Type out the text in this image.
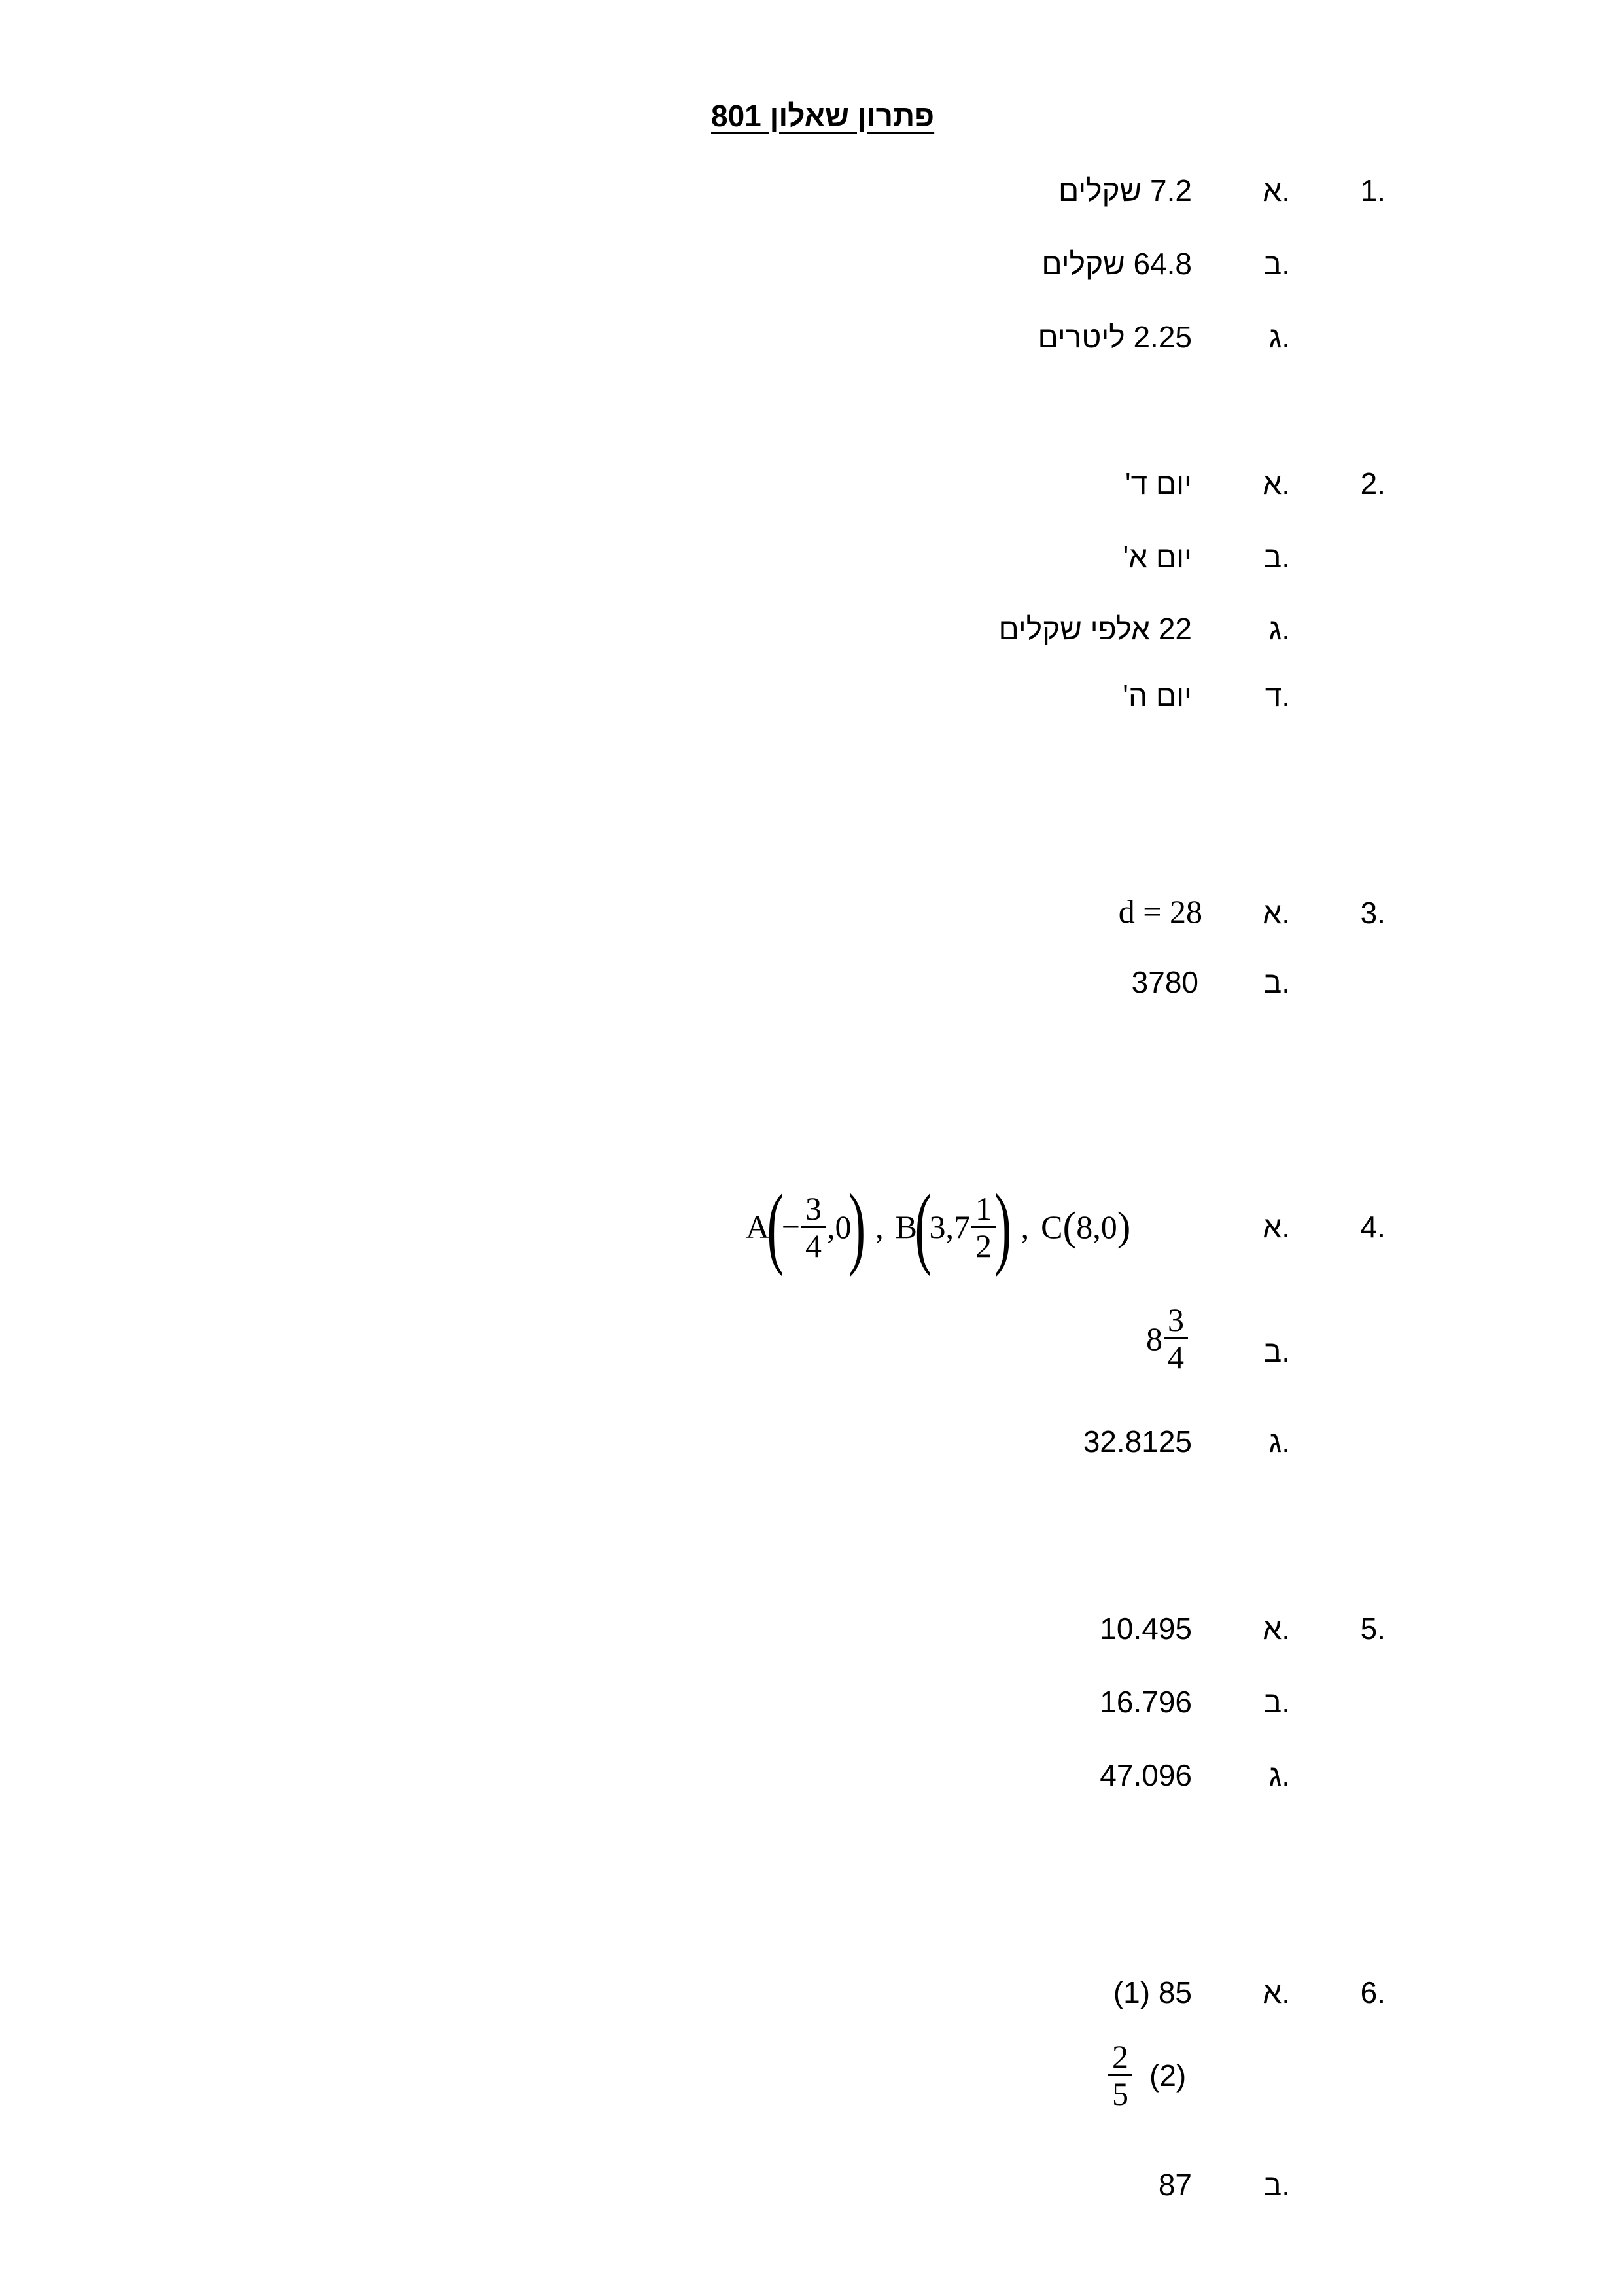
פתרון שאלון 801
1.
א.
7.2 שקלים
ב.
64.8 שקלים
ג.
2.25 ליטרים
2.
א.
יום ד'
ב.
יום א'
ג.
22 אלפי שקלים
ד.
יום ה'
3.
א.
d = 28
ב.
3780
4.
א.
A
(
− $\frac{3}{4} ,0$
) , B
(
$3,7 \frac{1}{2}$
) , C ( 8,0 )
ב.
$8 \frac{3}{4}$
ג.
32.8125
5.
א.
10.495
ב.
16.796
ג.
47.096
6.
א.
(1) 85
$\frac{2}{5} (2)$
ב.
87
